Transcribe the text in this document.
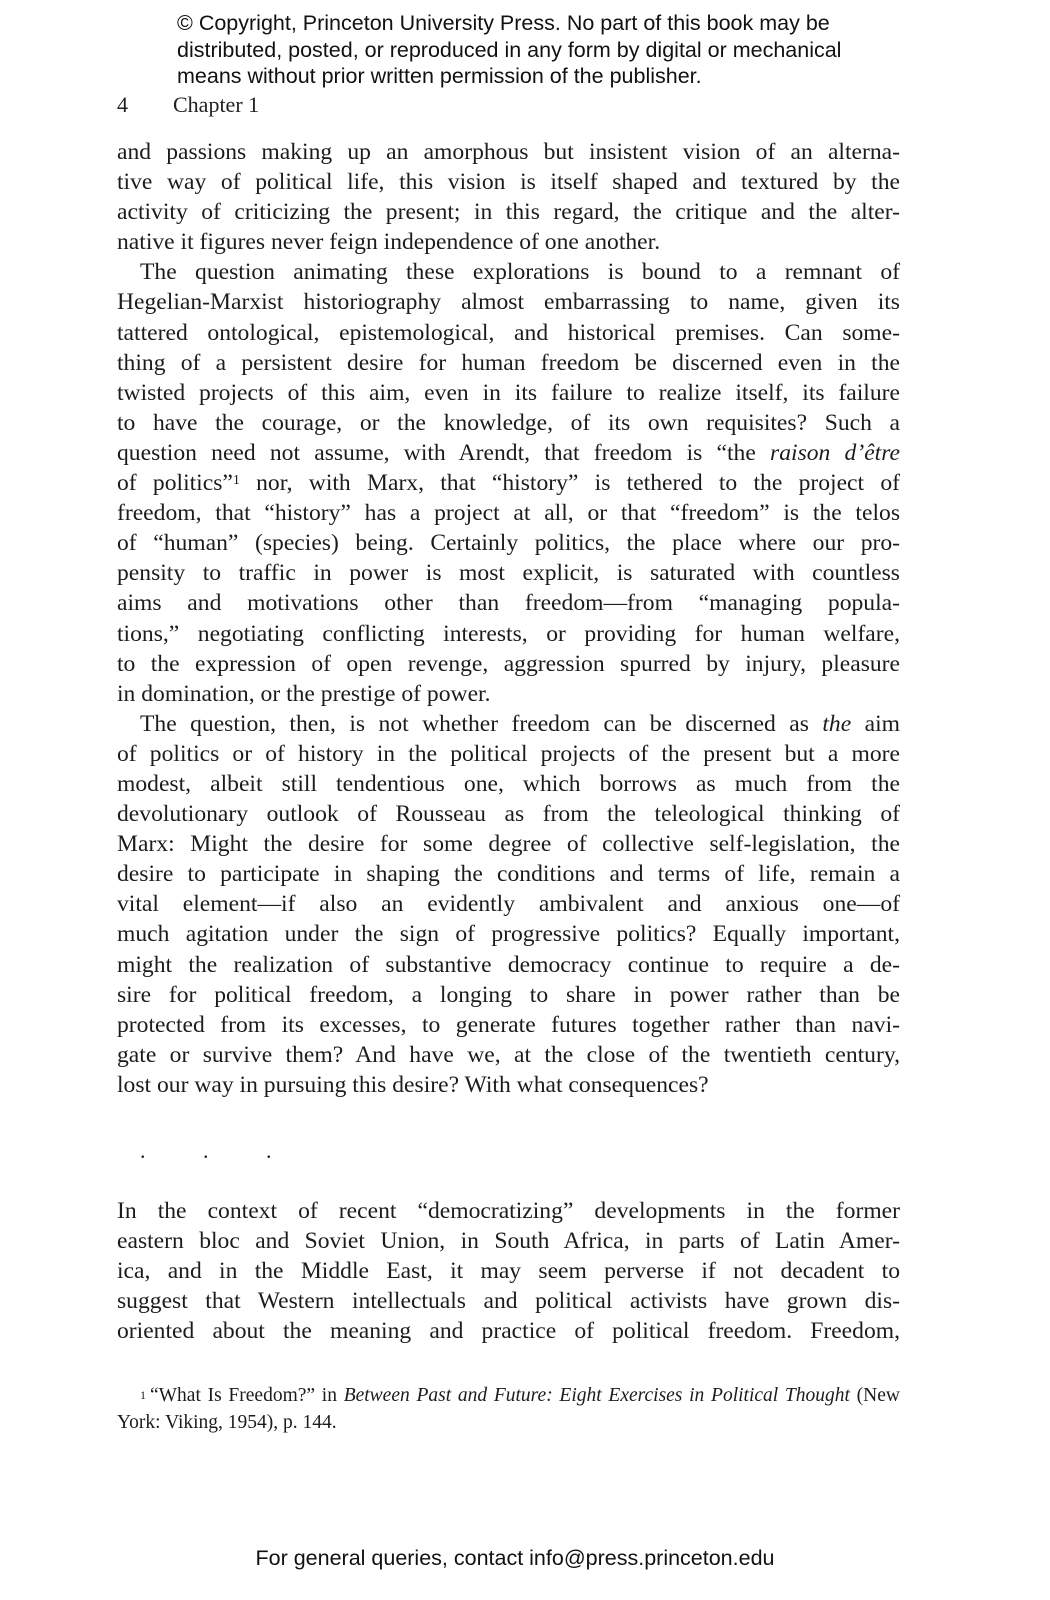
© Copyright, Princeton University Press. No part of this book may be
distributed, posted, or reproduced in any form by digital or mechanical
means without prior written permission of the publisher.
4 Chapter 1
and passions making up an amorphous but insistent vision of an alterna-
tive way of political life, this vision is itself shaped and textured by the
activity of criticizing the present; in this regard, the critique and the alter-
native it figures never feign independence of one another.
The question animating these explorations is bound to a remnant of
Hegelian-Marxist historiography almost embarrassing to name, given its
tattered ontological, epistemological, and historical premises. Can some-
thing of a persistent desire for human freedom be discerned even in the
twisted projects of this aim, even in its failure to realize itself, its failure
to have the courage, or the knowledge, of its own requisites? Such a
question need not assume, with Arendt, that freedom is “the raison d’être
of politics”$^1$ nor, with Marx, that “history” is tethered to the project of
freedom, that “history” has a project at all, or that “freedom” is the telos
of “human” (species) being. Certainly politics, the place where our pro-
pensity to traffic in power is most explicit, is saturated with countless
aims and motivations other than freedom—from “managing popula-
tions,” negotiating conflicting interests, or providing for human welfare,
to the expression of open revenge, aggression spurred by injury, pleasure
in domination, or the prestige of power.
The question, then, is not whether freedom can be discerned as the aim
of politics or of history in the political projects of the present but a more
modest, albeit still tendentious one, which borrows as much from the
devolutionary outlook of Rousseau as from the teleological thinking of
Marx: Might the desire for some degree of collective self-legislation, the
desire to participate in shaping the conditions and terms of life, remain a
vital element—if also an evidently ambivalent and anxious one—of
much agitation under the sign of progressive politics? Equally important,
might the realization of substantive democracy continue to require a de-
sire for political freedom, a longing to share in power rather than be
protected from its excesses, to generate futures together rather than navi-
gate or survive them? And have we, at the close of the twentieth century,
lost our way in pursuing this desire? With what consequences?
. . .
In the context of recent “democratizing” developments in the former
eastern bloc and Soviet Union, in South Africa, in parts of Latin Amer-
ica, and in the Middle East, it may seem perverse if not decadent to
suggest that Western intellectuals and political activists have grown dis-
oriented about the meaning and practice of political freedom. Freedom,
$^1$ “What Is Freedom?” in Between Past and Future: Eight Exercises in Political Thought (New
York: Viking, 1954), p. 144.
For general queries, contact info@press.princeton.edu
